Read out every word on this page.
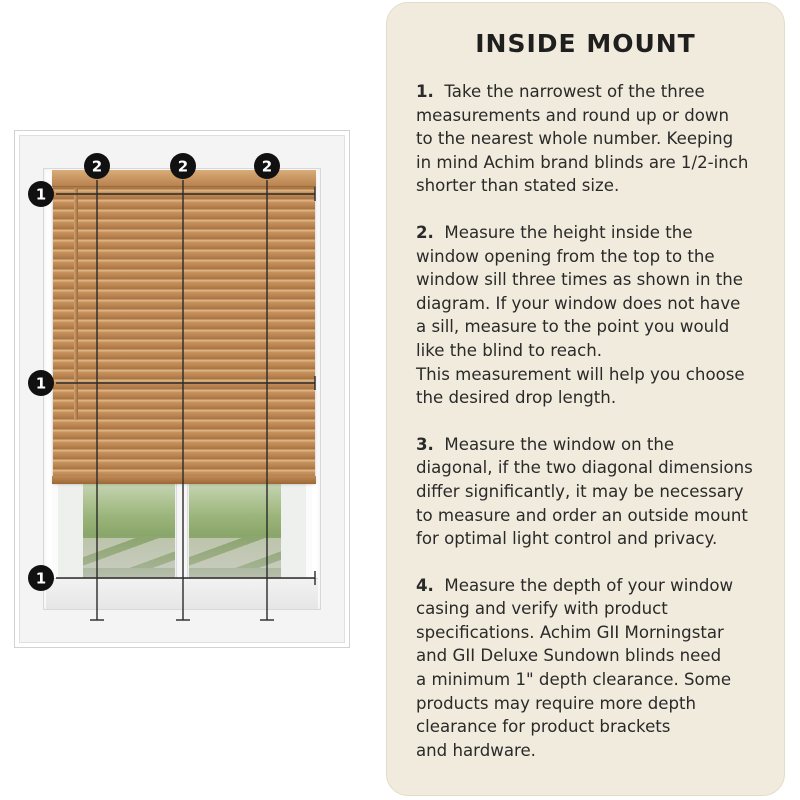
1
1
1
2	2	2
INSIDE MOUNT

1. Take the narrowest of the three

measurements and round up or down

to the nearest whole number. Keeping

in mind Achim brand blinds are 1/2-inch

shorter than stated size.

2. Measure the height inside the

window opening from the top to the

window sill three times as shown in the

diagram. If your window does not have

a sill, measure to the point you would

like the blind to reach.

This measurement will help you choose

the desired drop length.

3. Measure the window on the

diagonal, if the two diagonal dimensions

differ significantly, it may be necessary

to measure and order an outside mount

for optimal light control and privacy.

4. Measure the depth of your window

casing and verify with product

specifications. Achim GII Morningstar

and GII Deluxe Sundown blinds need

a minimum 1" depth clearance. Some

products may require more depth

clearance for product brackets

and hardware.
